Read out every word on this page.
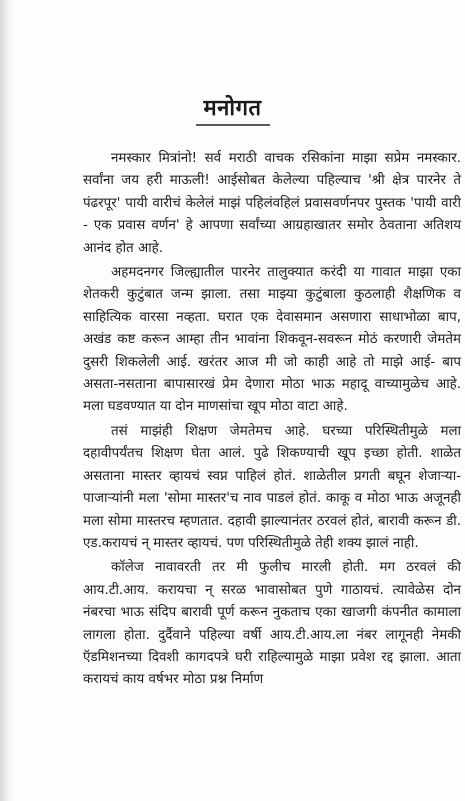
मनोगत

नमस्कार मित्रांनो! सर्व मराठी वाचक रसिकांना माझा सप्रेम नमस्कार. सर्वांना जय हरी माऊली! आईसोबत केलेल्या पहिल्याच 'श्री क्षेत्र पारनेर ते पंढरपूर' पायी वारीचं केलेलं माझं पहिलंवहिलं प्रवासवर्णनपर पुस्तक 'पायी वारी - एक प्रवास वर्णन' हे आपणा सर्वांच्या आग्रहाखातर समोर ठेवताना अतिशय आनंद होत आहे.

अहमदनगर जिल्ह्यातील पारनेर तालुक्यात करंदी या गावात माझा एका शेतकरी कुटुंबात जन्म झाला. तसा माझ्या कुटुंबाला कुठलाही शैक्षणिक व साहित्यिक वारसा नव्हता. घरात एक देवासमान असणारा साधाभोळा बाप, अखंड कष्ट करून आम्हा तीन भावांना शिकवून-सवरून मोठं करणारी जेमतेम दुसरी शिकलेली आई. खरंतर आज मी जो काही आहे तो माझे आई- बाप असता-नसताना बापासारखं प्रेम देणारा मोठा भाऊ महादू वाच्यामुळेच आहे. मला घडवण्यात या दोन माणसांचा खूप मोठा वाटा आहे.

तसं माझंही शिक्षण जेमतेमच आहे. घरच्या परिस्थितीमुळे मला दहावीपर्यंतच शिक्षण घेता आलं. पुढे शिकण्याची खूप इच्छा होती. शाळेत असताना मास्तर व्हायचं स्वप्न पाहिलं होतं. शाळेतील प्रगती बघून शेजाऱ्या- पाजाऱ्यांनी मला 'सोमा मास्तर'च नाव पाडलं होतं. काकू व मोठा भाऊ अजूनही मला सोमा मास्तरच म्हणतात. दहावी झाल्यानंतर ठरवलं होतं, बारावी करून डी. एड.करायचं न् मास्तर व्हायचं. पण परिस्थितीमुळे तेही शक्य झालं नाही.

कॉलेज नावावरती तर मी फुलीच मारली होती. मग ठरवलं की आय.टी.आय. करायचा न् सरळ भावासोबत पुणे गाठायचं. त्यावेळेस दोन नंबरचा भाऊ संदिप बारावी पूर्ण करून नुकताच एका खाजगी कंपनीत कामाला लागला होता. दुर्दैवाने पहिल्या वर्षी आय.टी.आय.ला नंबर लागूनही नेमकी ऍडमिशनच्या दिवशी कागदपत्रे घरी राहिल्यामुळे माझा प्रवेश रद्द झाला. आता करायचं काय वर्षभर मोठा प्रश्न निर्माण
